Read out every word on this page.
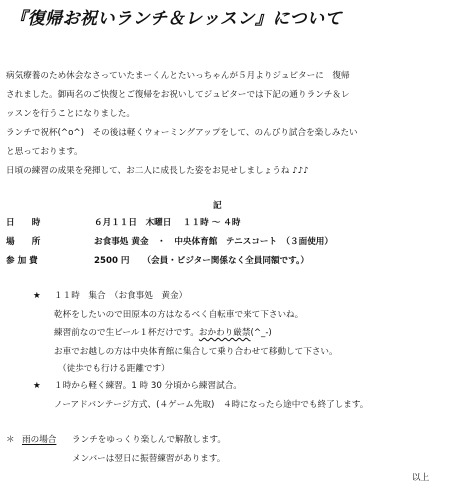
『復帰お祝いランチ＆レッスン』について
病気療養のため休会なさっていたまーくんとたいっちゃんが５月よりジュピターに　復帰
されました。御両名のご快復とご復帰をお祝いしてジュピターでは下記の通りランチ＆レ
ッスンを行うことになりました。
ランチで祝杯(^o^)　その後は軽くウォーミングアップをして、のんびり試合を楽しみたい
と思っております。
日頃の練習の成果を発揮して、お二人に成長した姿をお見せしましょうね ♪♪♪
記
日　　時	６月１１日　木曜日　 １１時 〜 ４時
場　　所	お食事処 黄金　・　中央体育館　テニスコート　（３面使用）
参 加 費	2500 円　　（会員・ビジター関係なく全員同額です。）
★ １１時　集合　（お食事処　黄金）
乾杯をしたいので田原本の方はなるべく自転車で来て下さいね。
練習前なので生ビール１杯だけです。おかわり厳禁(^_-)
お車でお越しの方は中央体育館に集合して乗り合わせて移動して下さい。
（徒歩でも行ける距離です）
★ １時から軽く練習。1 時 30 分頃から練習試合。
ノーアドバンテージ方式、(４ゲーム先取)　４時になったら途中でも終了します。
＊ 雨の場合 ランチをゆっくり楽しんで解散します。
メンバーは翌日に振替練習があります。
以上
